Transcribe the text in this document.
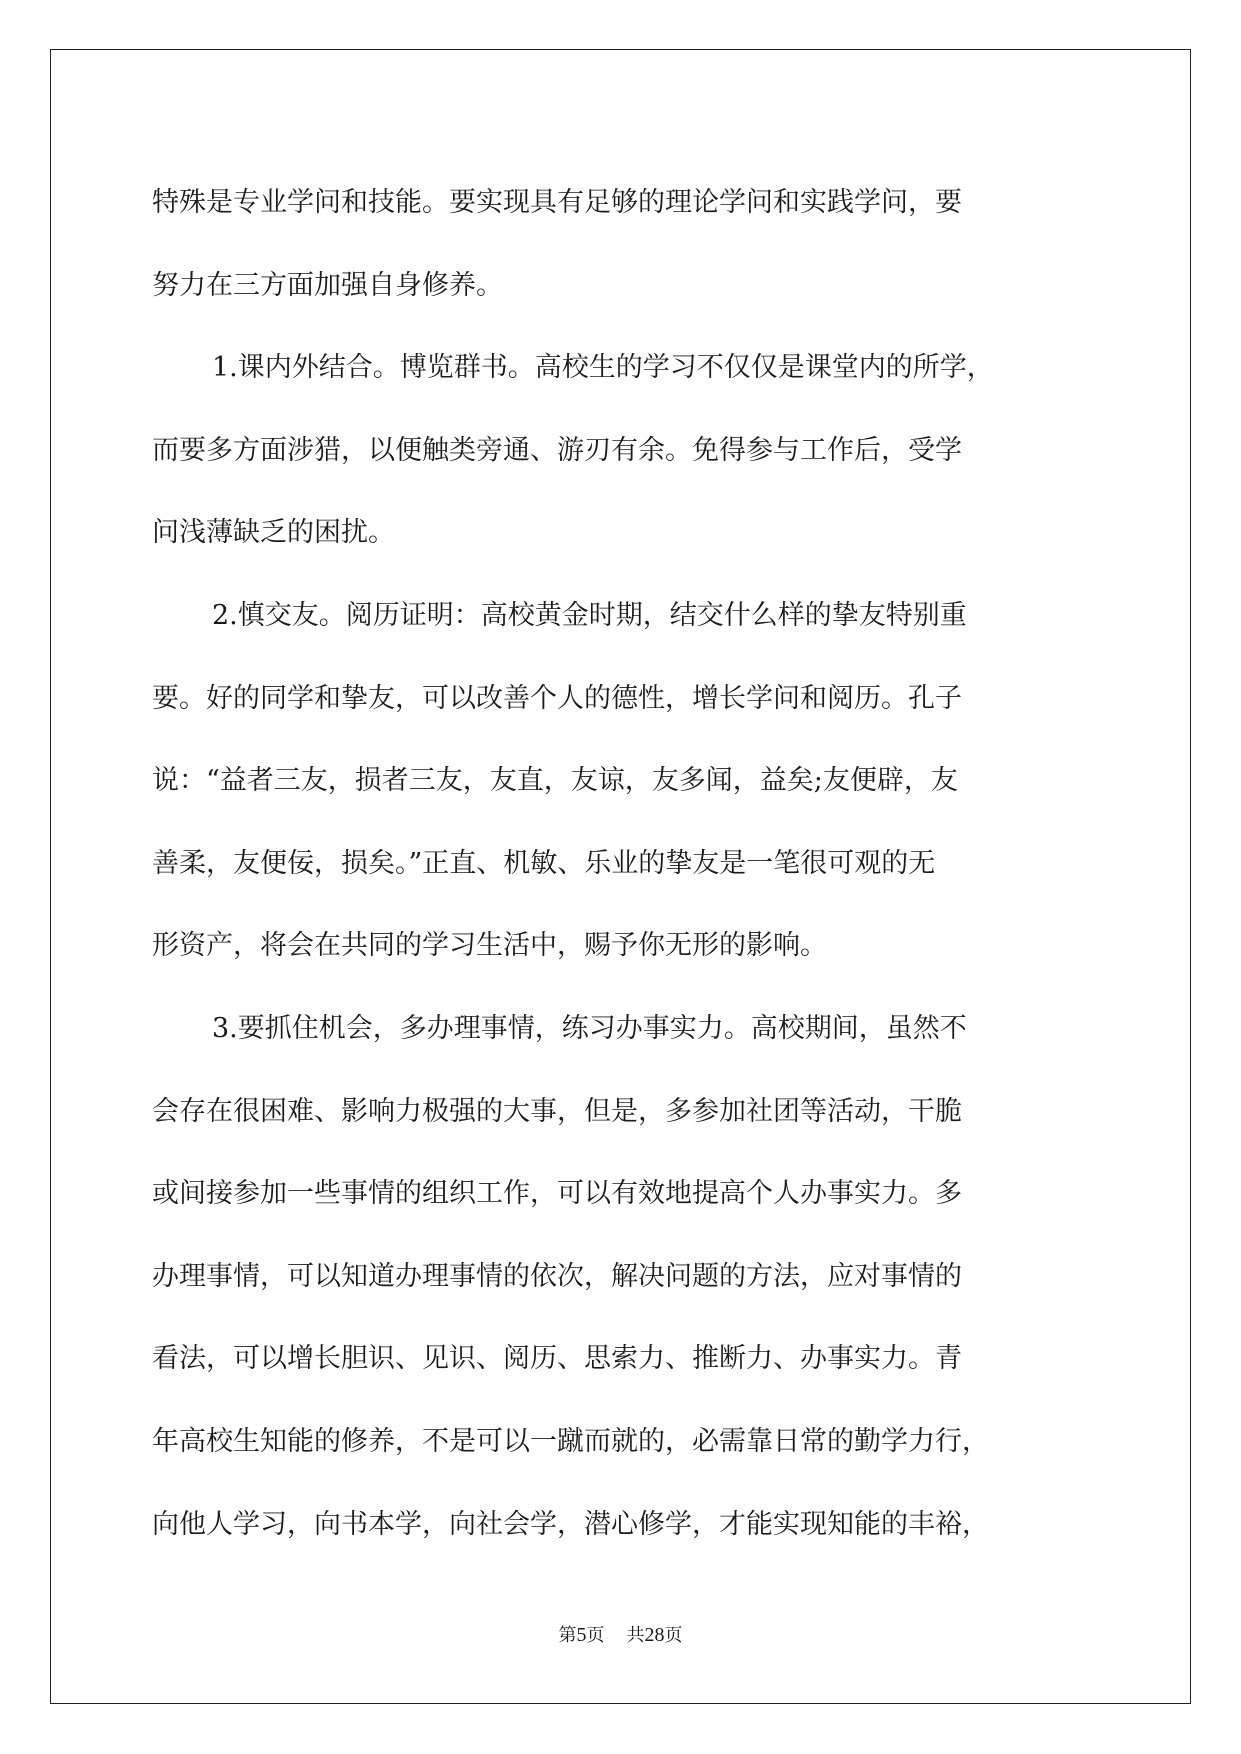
特殊是专业学问和技能。要实现具有足够的理论学问和实践学问，要
努力在三方面加强自身修养。
1.课内外结合。博览群书。高校生的学习不仅仅是课堂内的所学，
而要多方面涉猎，以便触类旁通、游刃有余。免得参与工作后，受学
问浅薄缺乏的困扰。
2.慎交友。阅历证明：高校黄金时期，结交什么样的挚友特别重
要。好的同学和挚友，可以改善个人的德性，增长学问和阅历。孔子
说：“益者三友，损者三友，友直，友谅，友多闻，益矣;友便辟，友
善柔，友便佞，损矣。”正直、机敏、乐业的挚友是一笔很可观的无
形资产，将会在共同的学习生活中，赐予你无形的影响。
3.要抓住机会，多办理事情，练习办事实力。高校期间，虽然不
会存在很困难、影响力极强的大事，但是，多参加社团等活动，干脆
或间接参加一些事情的组织工作，可以有效地提高个人办事实力。多
办理事情，可以知道办理事情的依次，解决问题的方法，应对事情的
看法，可以增长胆识、见识、阅历、思索力、推断力、办事实力。青
年高校生知能的修养，不是可以一蹴而就的，必需靠日常的勤学力行，
向他人学习，向书本学，向社会学，潜心修学，才能实现知能的丰裕，
第5页 共28页
